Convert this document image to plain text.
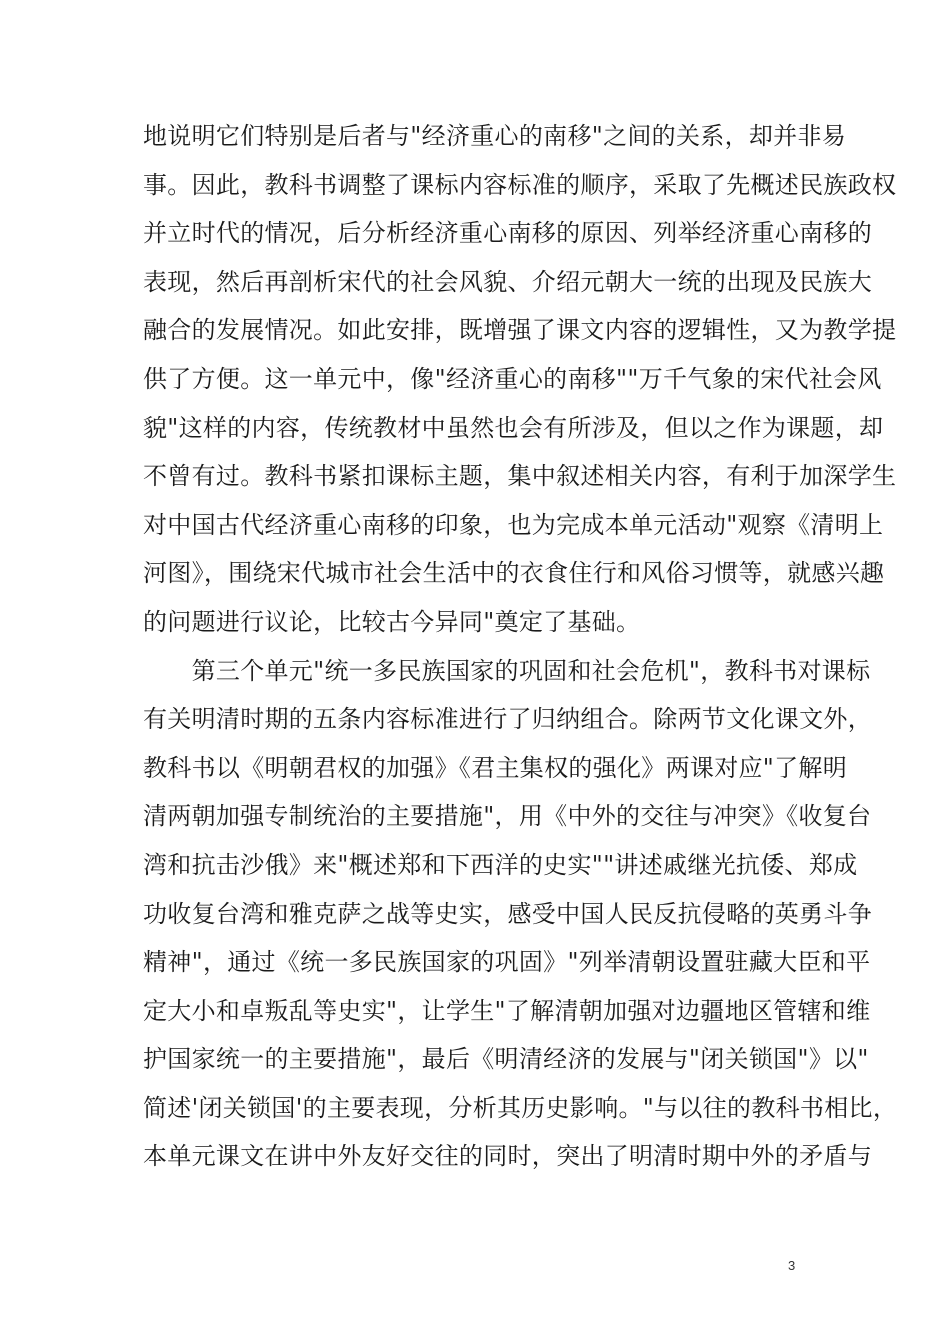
地说明它们特别是后者与"经济重心的南移"之间的关系，却并非易
事。因此，教科书调整了课标内容标准的顺序，采取了先概述民族政权
并立时代的情况，后分析经济重心南移的原因、列举经济重心南移的
表现，然后再剖析宋代的社会风貌、介绍元朝大一统的出现及民族大
融合的发展情况。如此安排，既增强了课文内容的逻辑性，又为教学提
供了方便。这一单元中，像"经济重心的南移""万千气象的宋代社会风
貌"这样的内容，传统教材中虽然也会有所涉及，但以之作为课题，却
不曾有过。教科书紧扣课标主题，集中叙述相关内容，有利于加深学生
对中国古代经济重心南移的印象，也为完成本单元活动"观察《清明上
河图》，围绕宋代城市社会生活中的衣食住行和风俗习惯等，就感兴趣
的问题进行议论，比较古今异同"奠定了基础。
　　第三个单元"统一多民族国家的巩固和社会危机"，教科书对课标
有关明清时期的五条内容标准进行了归纳组合。除两节文化课文外，
教科书以《明朝君权的加强》《君主集权的强化》两课对应"了解明
清两朝加强专制统治的主要措施"，用《中外的交往与冲突》《收复台
湾和抗击沙俄》来"概述郑和下西洋的史实""讲述戚继光抗倭、郑成
功收复台湾和雅克萨之战等史实，感受中国人民反抗侵略的英勇斗争
精神"，通过《统一多民族国家的巩固》"列举清朝设置驻藏大臣和平
定大小和卓叛乱等史实"，让学生"了解清朝加强对边疆地区管辖和维
护国家统一的主要措施"，最后《明清经济的发展与"闭关锁国"》以"
简述'闭关锁国'的主要表现，分析其历史影响。"与以往的教科书相比，
本单元课文在讲中外友好交往的同时，突出了明清时期中外的矛盾与
3
